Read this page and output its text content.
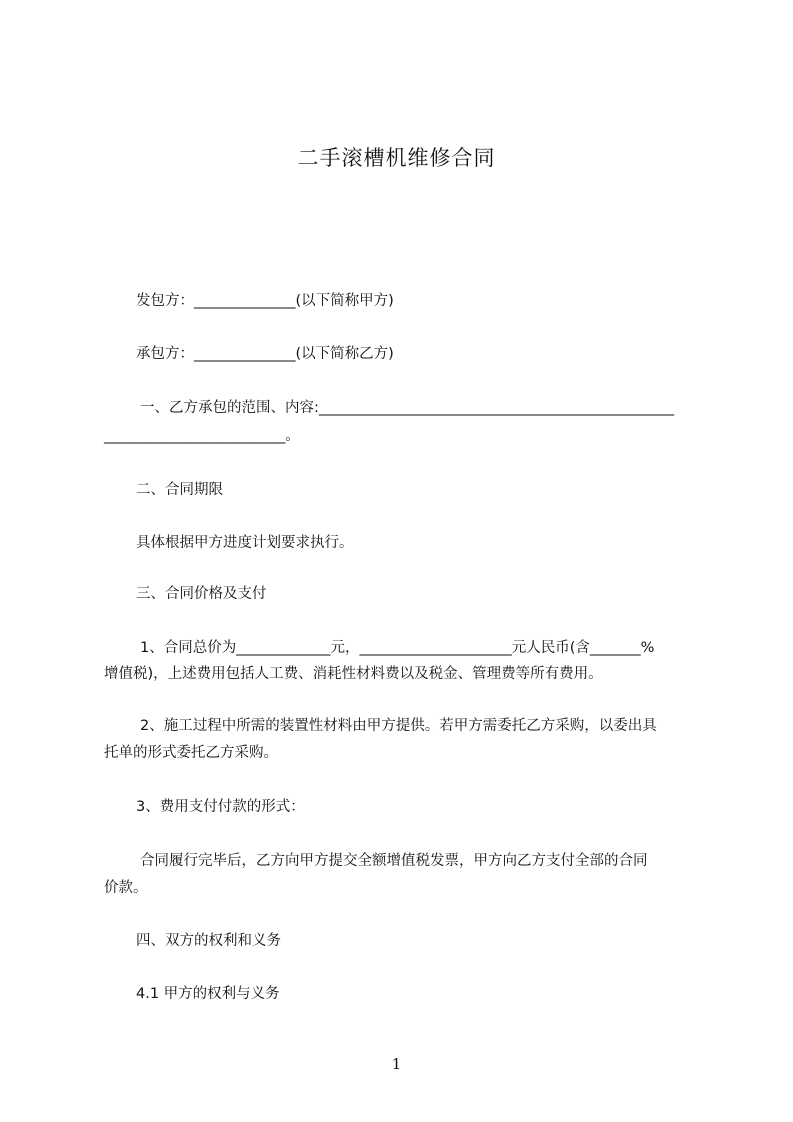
二手滚槽机维修合同
发包方：______________(以下简称甲方)
承包方：______________(以下简称乙方)
一、乙方承包的范围、内容:_________________________________________________
_________________________。
二、合同期限
具体根据甲方进度计划要求执行。
三、合同价格及支付
1、合同总价为_____________元，_____________________元人民币(含_______%
增值税)，上述费用包括人工费、消耗性材料费以及税金、管理费等所有费用。
2、施工过程中所需的装置性材料由甲方提供。若甲方需委托乙方采购，以委出具
托单的形式委托乙方采购。
3、费用支付付款的形式：
合同履行完毕后，乙方向甲方提交全额增值税发票，甲方向乙方支付全部的合同
价款。
四、双方的权利和义务
4.1 甲方的权利与义务
1
